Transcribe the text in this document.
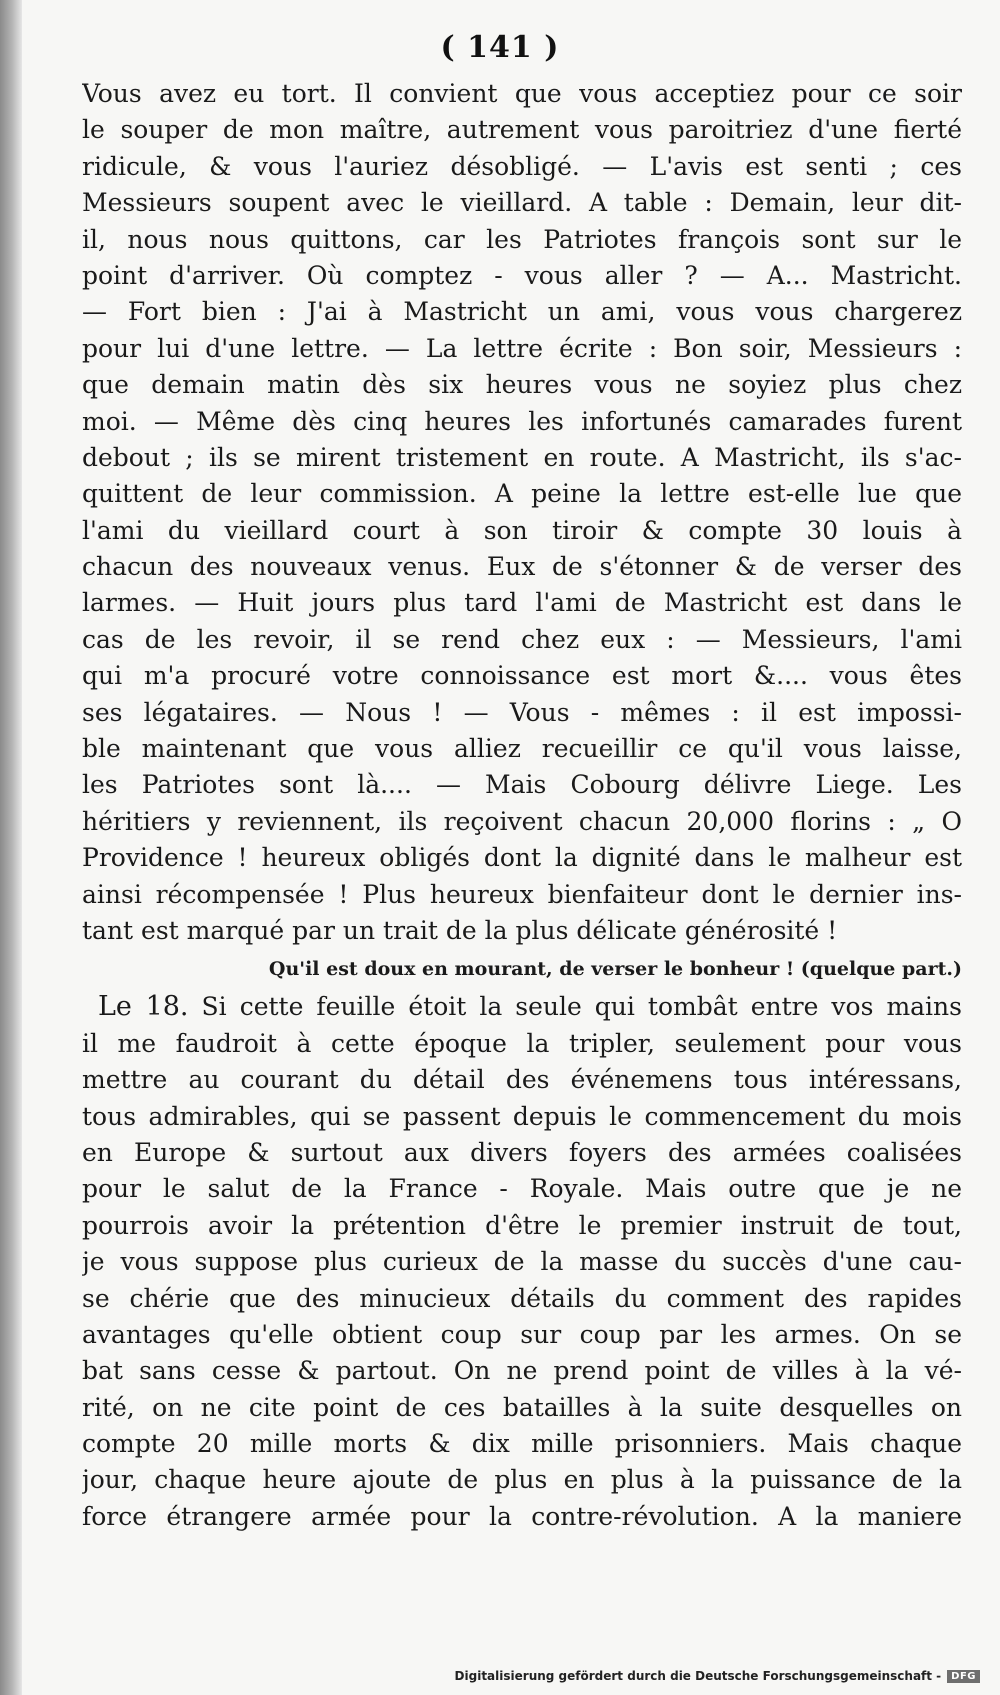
( 141 )
Vous avez eu tort. Il convient que vous acceptiez pour ce soir
le souper de mon maître, autrement vous paroitriez d'une fierté
ridicule, & vous l'auriez désobligé. — L'avis est senti ; ces
Messieurs soupent avec le vieillard. A table : Demain, leur dit-
il, nous nous quittons, car les Patriotes françois sont sur le
point d'arriver. Où comptez - vous aller ? — A... Mastricht.
— Fort bien : J'ai à Mastricht un ami, vous vous chargerez
pour lui d'une lettre. — La lettre écrite : Bon soir, Messieurs :
que demain matin dès six heures vous ne soyiez plus chez
moi. — Même dès cinq heures les infortunés camarades furent
debout ; ils se mirent tristement en route. A Mastricht, ils s'ac-
quittent de leur commission. A peine la lettre est-elle lue que
l'ami du vieillard court à son tiroir & compte 30 louis à
chacun des nouveaux venus. Eux de s'étonner & de verser des
larmes. — Huit jours plus tard l'ami de Mastricht est dans le
cas de les revoir, il se rend chez eux : — Messieurs, l'ami
qui m'a procuré votre connoissance est mort &.... vous êtes
ses légataires. — Nous ! — Vous - mêmes : il est impossi-
ble maintenant que vous alliez recueillir ce qu'il vous laisse,
les Patriotes sont là.... — Mais Cobourg délivre Liege. Les
héritiers y reviennent, ils reçoivent chacun 20,000 florins : „ O
Providence ! heureux obligés dont la dignité dans le malheur est
ainsi récompensée ! Plus heureux bienfaiteur dont le dernier ins-
tant est marqué par un trait de la plus délicate générosité !
Qu'il est doux en mourant, de verser le bonheur ! (quelque part.)
Le 18. Si cette feuille étoit la seule qui tombât entre vos mains
il me faudroit à cette époque la tripler, seulement pour vous
mettre au courant du détail des événemens tous intéressans,
tous admirables, qui se passent depuis le commencement du mois
en Europe & surtout aux divers foyers des armées coalisées
pour le salut de la France - Royale. Mais outre que je ne
pourrois avoir la prétention d'être le premier instruit de tout,
je vous suppose plus curieux de la masse du succès d'une cau-
se chérie que des minucieux détails du comment des rapides
avantages qu'elle obtient coup sur coup par les armes. On se
bat sans cesse & partout. On ne prend point de villes à la vé-
rité, on ne cite point de ces batailles à la suite desquelles on
compte 20 mille morts & dix mille prisonniers. Mais chaque
jour, chaque heure ajoute de plus en plus à la puissance de la
force étrangere armée pour la contre-révolution. A la maniere
Digitalisierung gefördert durch die Deutsche Forschungsgemeinschaft -	DFG
